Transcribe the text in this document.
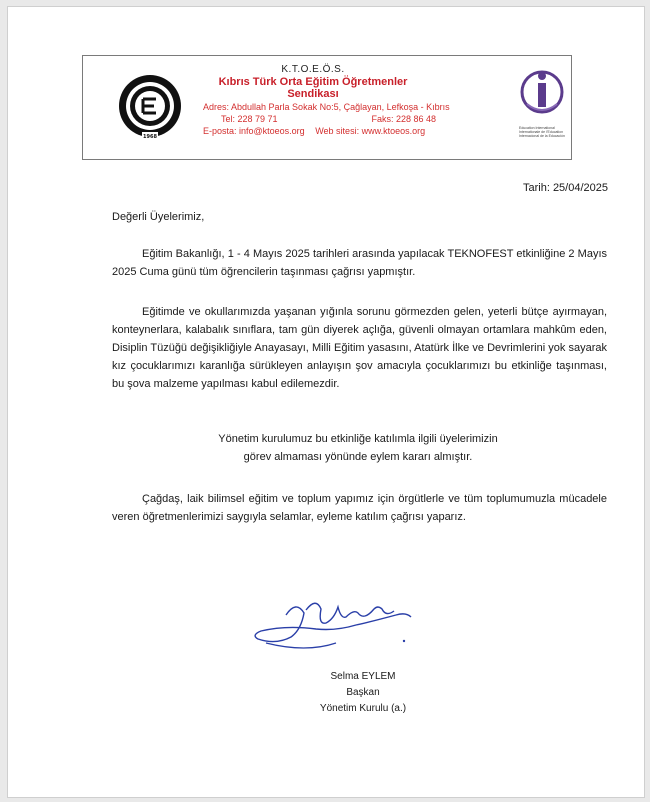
1968
K.T.O.E.Ö.S.
Kıbrıs Türk Orta Eğitim Öğretmenler Sendikası
Adres: Abdullah Parla Sokak No:5, Çağlayan, Lefkoşa - Kıbrıs
Tel: 228 79 71	Faks: 228 86 48
E-posta: info@ktoeos.org Web sitesi: www.ktoeos.org	Education International Internationale de l'Education Internacional de la Educación
Tarih: 25/04/2025
Değerli Üyelerimiz,
Eğitim Bakanlığı, 1 - 4 Mayıs 2025 tarihleri arasında yapılacak TEKNOFEST etkinliğine 2 Mayıs 2025 Cuma günü tüm öğrencilerin taşınması çağrısı yapmıştır.
Eğitimde ve okullarımızda yaşanan yığınla sorunu görmezden gelen, yeterli bütçe ayırmayan, konteynerlara, kalabalık sınıflara, tam gün diyerek açlığa, güvenli olmayan ortamlara mahkûm eden, Disiplin Tüzüğü değişikliğiyle Anayasayı, Milli Eğitim yasasını, Atatürk İlke ve Devrimlerini yok sayarak kız çocuklarımızı karanlığa sürükleyen anlayışın şov amacıyla çocuklarımızı bu etkinliğe taşınması, bu şova malzeme yapılması kabul edilemezdir.
Yönetim kurulumuz bu etkinliğe katılımla ilgili üyelerimizin
görev almaması yönünde eylem kararı almıştır.
Çağdaş, laik bilimsel eğitim ve toplum yapımız için örgütlerle ve tüm toplumumuzla mücadele veren öğretmenlerimizi saygıyla selamlar, eyleme katılım çağrısı yaparız.
Selma EYLEM
Başkan
Yönetim Kurulu (a.)
